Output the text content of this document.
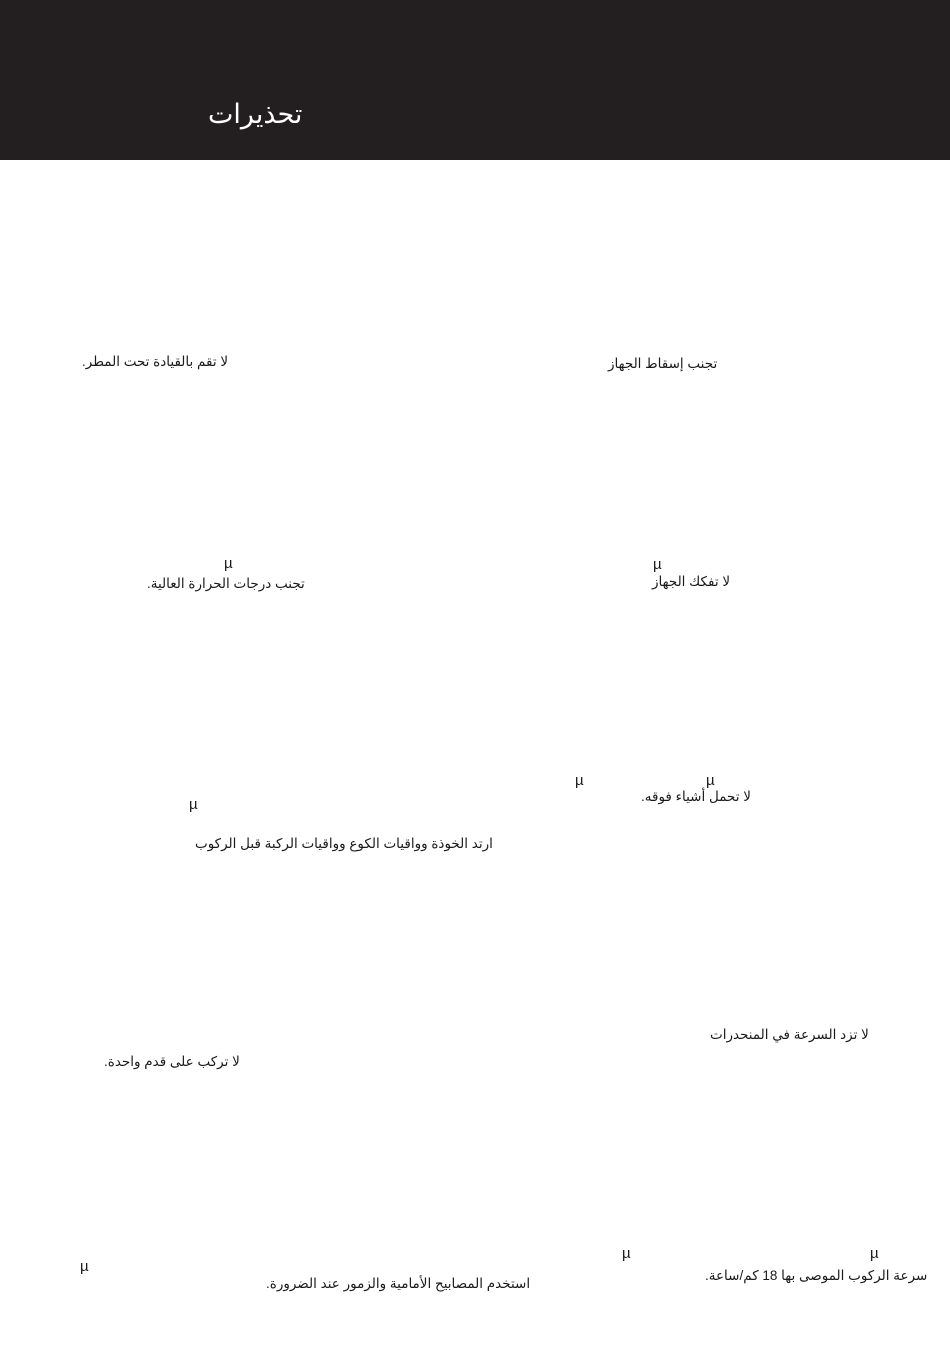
تحذيرات
لا تقم بالقيادة تحت المطر.	تجنب إسقاط الجهاز
µ
تجنب درجات الحرارة العالية.
µ
لا تفكك الجهاز
µ	µ
لا تحمل أشياء فوقه.
µ
ارتد الخوذة وواقيات الكوع وواقيات الركبة قبل الركوب
لا تزد السرعة في المنحدرات
لا تركب على قدم واحدة.
µ	µ
µ
سرعة الركوب الموصى بها 18 كم/ساعة.
استخدم المصابيح الأمامية والزمور عند الضرورة.
